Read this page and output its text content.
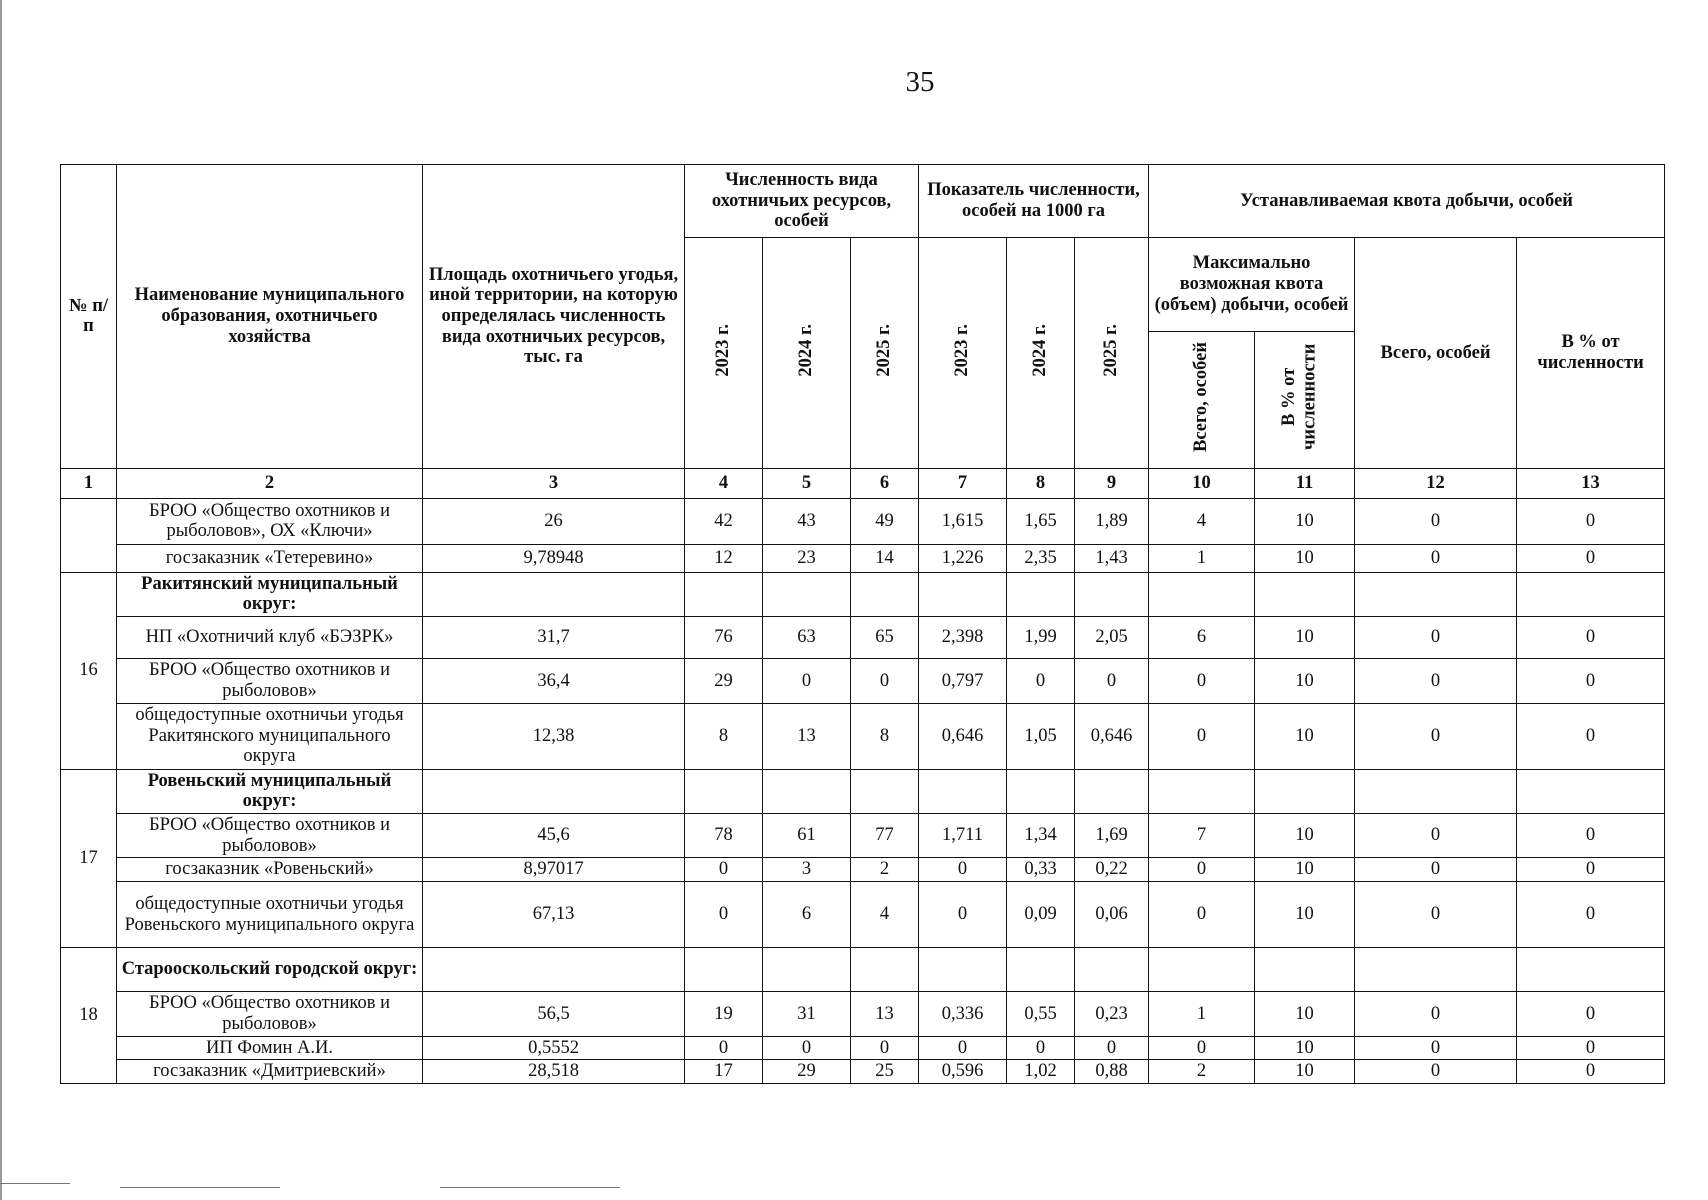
35
№ п/п	Наименование муниципального образования, охотничьего хозяйства	Площадь охотничьего угодья, иной территории, на которую определялась численность вида охотничьих ресурсов, тыс. га	Численность вида охотничьих ресурсов, особей			Показатель численности, особей на 1000 га			Устанавливаемая квота добычи, особей			
			2023 г.	2024 г.	2025 г.	2023 г.	2024 г.	2025 г.	Максимально возможная квота (объем) добычи, особей		Всего, особей	В % от численности
									Всего, особей	В % от численности		
1	2	3	4	5	6	7	8	9	10	11	12	13
	БРОО «Общество охотников и рыболовов», ОХ «Ключи»	26	42	43	49	1,615	1,65	1,89	4	10	0	0
	госзаказник «Тетеревино»	9,78948	12	23	14	1,226	2,35	1,43	1	10	0	0
16	Ракитянский муниципальный округ:											
	НП «Охотничий клуб «БЭЗРК»	31,7	76	63	65	2,398	1,99	2,05	6	10	0	0
	БРОО «Общество охотников и рыболовов»	36,4	29	0	0	0,797	0	0	0	10	0	0
	общедоступные охотничьи угодья Ракитянского муниципального округа	12,38	8	13	8	0,646	1,05	0,646	0	10	0	0
17	Ровеньский муниципальный округ:											
	БРОО «Общество охотников и рыболовов»	45,6	78	61	77	1,711	1,34	1,69	7	10	0	0
	госзаказник «Ровеньский»	8,97017	0	3	2	0	0,33	0,22	0	10	0	0
	общедоступные охотничьи угодья Ровеньского муниципального округа	67,13	0	6	4	0	0,09	0,06	0	10	0	0
18	Старооскольский городской округ:											
	БРОО «Общество охотников и рыболовов»	56,5	19	31	13	0,336	0,55	0,23	1	10	0	0
	ИП Фомин А.И.	0,5552	0	0	0	0	0	0	0	10	0	0
	госзаказник «Дмитриевский»	28,518	17	29	25	0,596	1,02	0,88	2	10	0	0
